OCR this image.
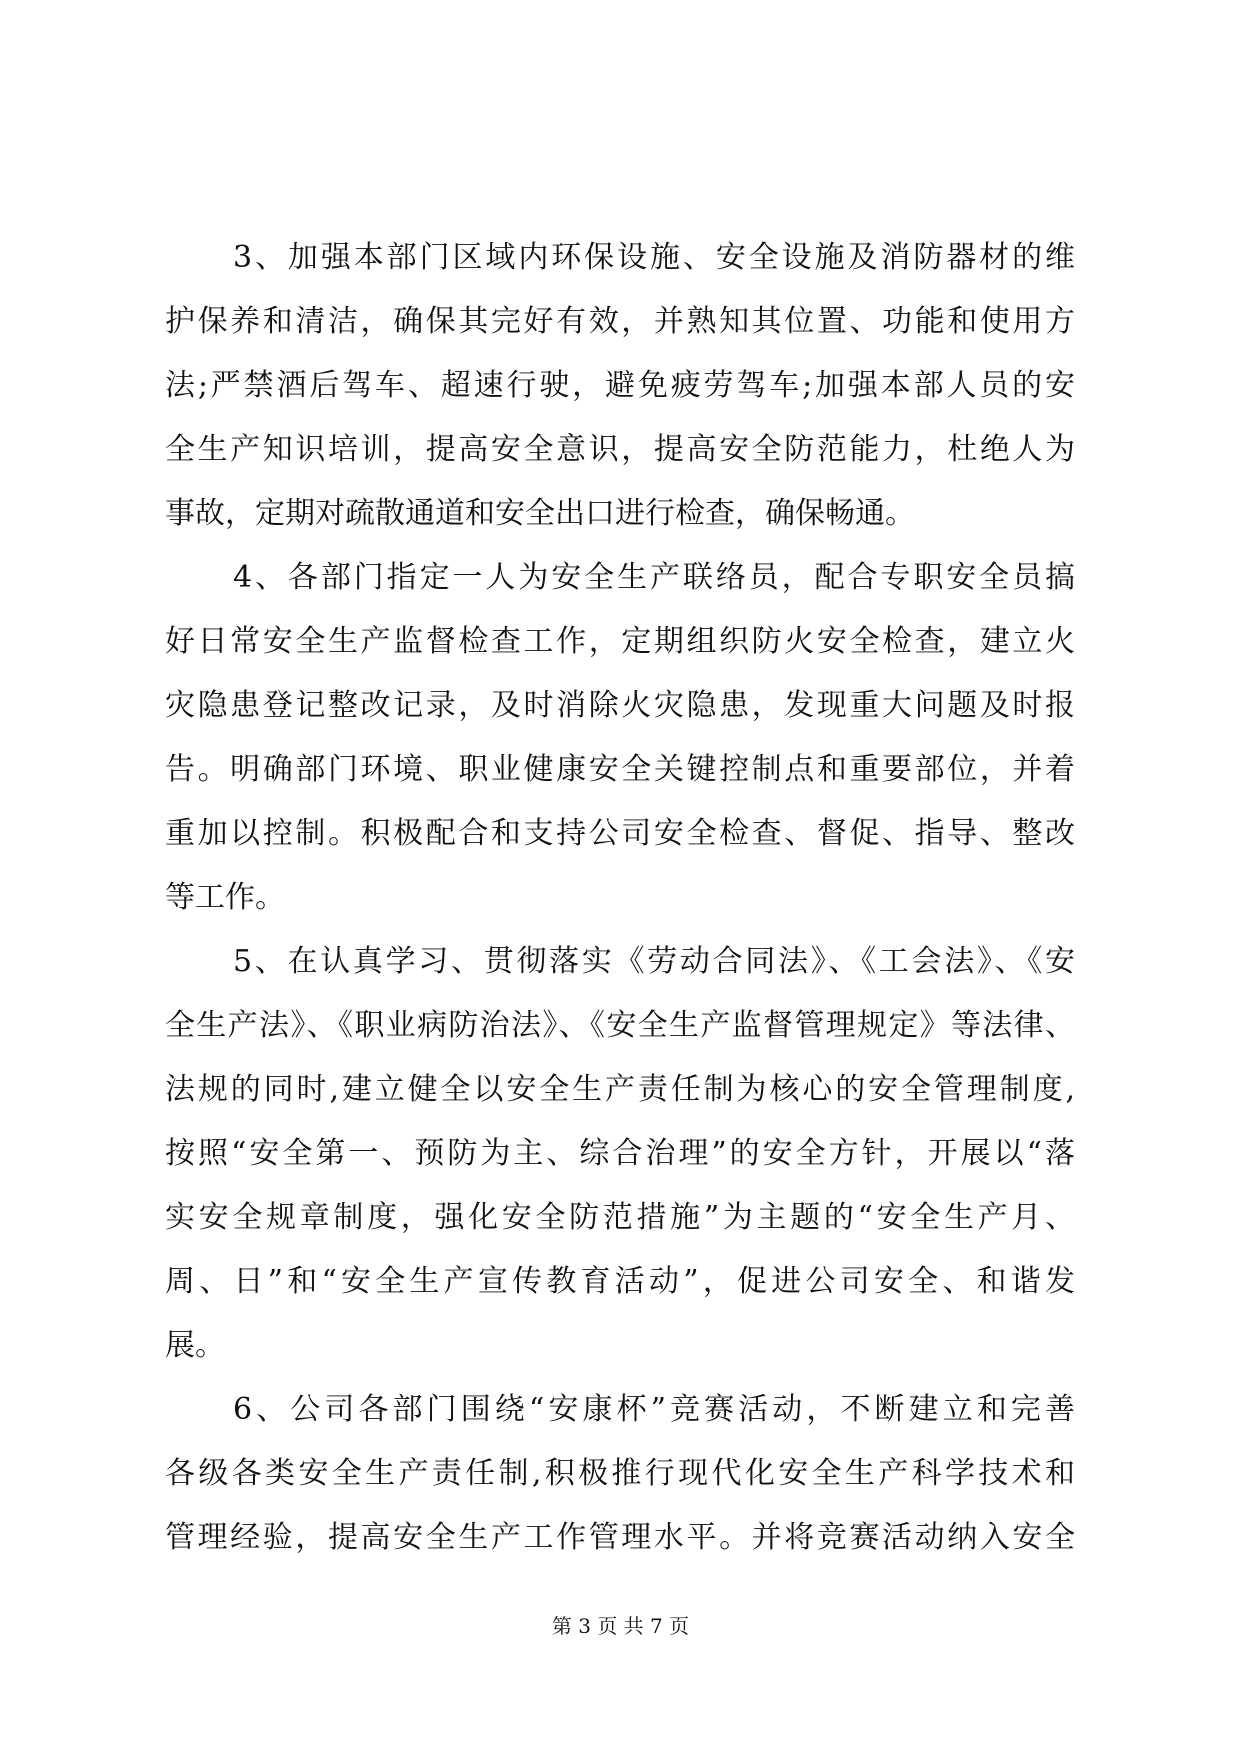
3、加强本部门区域内环保设施、安全设施及消防器材的维
护保养和清洁，确保其完好有效，并熟知其位置、功能和使用方
法;严禁酒后驾车、超速行驶，避免疲劳驾车;加强本部人员的安
全生产知识培训，提高安全意识，提高安全防范能力，杜绝人为
事故，定期对疏散通道和安全出口进行检查，确保畅通。
4、各部门指定一人为安全生产联络员，配合专职安全员搞
好日常安全生产监督检查工作，定期组织防火安全检查，建立火
灾隐患登记整改记录，及时消除火灾隐患，发现重大问题及时报
告。明确部门环境、职业健康安全关键控制点和重要部位，并着
重加以控制。积极配合和支持公司安全检查、督促、指导、整改
等工作。
5、在认真学习、贯彻落实《劳动合同法》、《工会法》、《安
全生产法》、《职业病防治法》、《安全生产监督管理规定》等法律、
法规的同时,建立健全以安全生产责任制为核心的安全管理制度,
按照“安全第一、预防为主、综合治理”的安全方针，开展以“落
实安全规章制度，强化安全防范措施”为主题的“安全生产月、
周、日”和“安全生产宣传教育活动”，促进公司安全、和谐发
展。
6、公司各部门围绕“安康杯”竞赛活动，不断建立和完善
各级各类安全生产责任制,积极推行现代化安全生产科学技术和
管理经验，提高安全生产工作管理水平。并将竞赛活动纳入安全
第 3 页 共 7 页
